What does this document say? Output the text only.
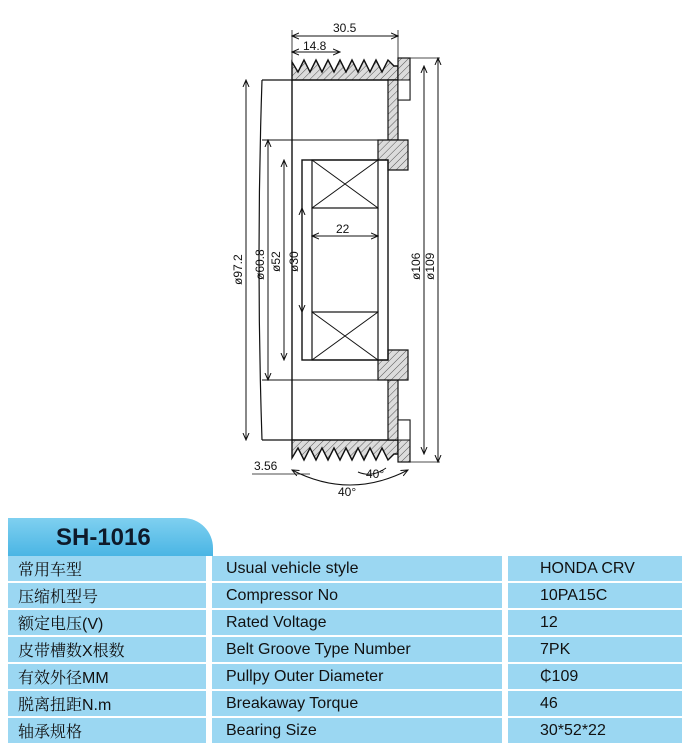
30.5
14.8
22
ø97.2 ø60.8 ø52 ø30	ø106 ø109
3.56
40°
40°
SH-1016
常用车型		Usual vehicle style		HONDA CRV
压缩机型号		Compressor No		10PA15C
额定电压(V)		Rated Voltage		12
皮带槽数X根数		Belt Groove Type Number		7PK
有效外径MM		Pullpy Outer Diameter		₵109
脱离扭距N.m		Breakaway Torque		46
轴承规格		Bearing Size		30*52*22
